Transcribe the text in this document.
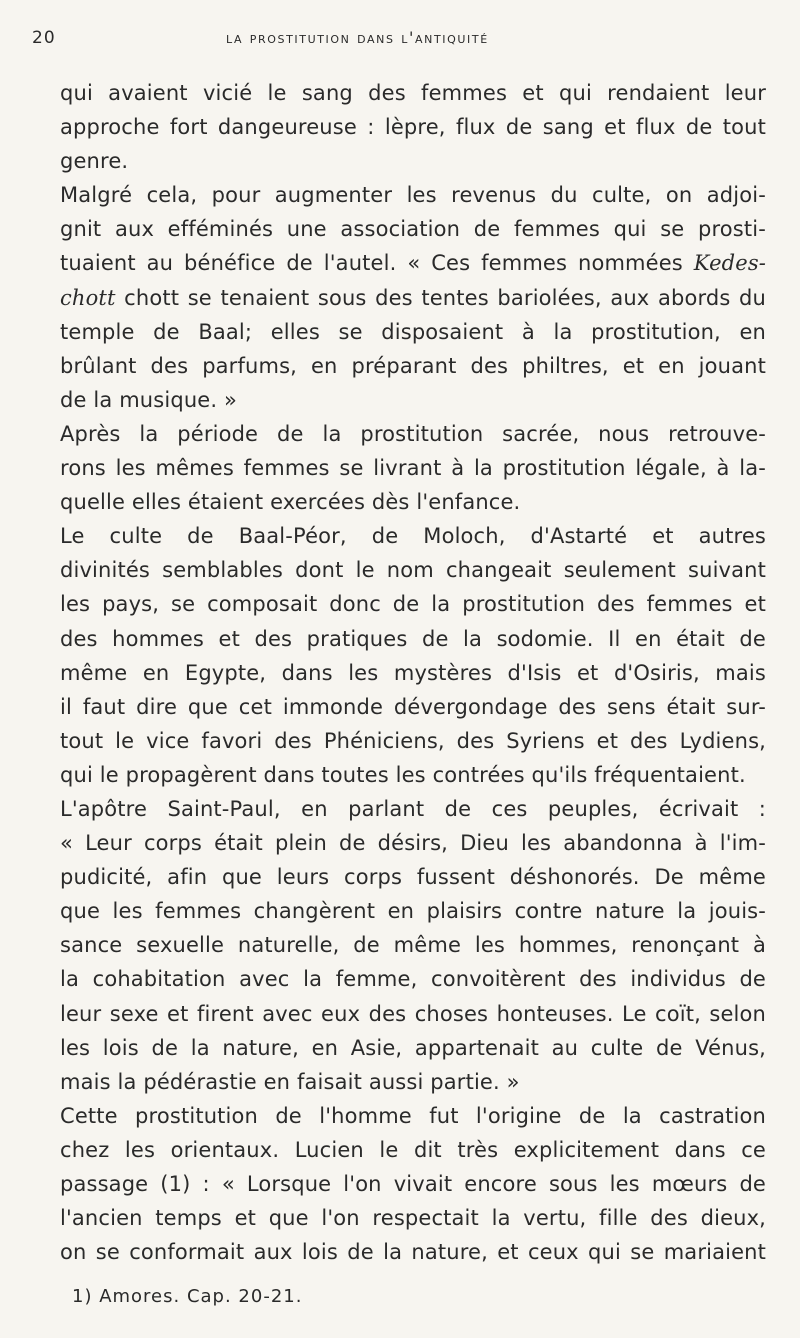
20	la prostitution dans l'antiquité
qui avaient vicié le sang des femmes et qui rendaient leur
approche fort dangeureuse : lèpre, flux de sang et flux de tout
genre.
Malgré cela, pour augmenter les revenus du culte, on adjoi-
gnit aux efféminés une association de femmes qui se prosti-
tuaient au bénéfice de l'autel. « Ces femmes nommées Kedes-
chott chott se tenaient sous des tentes bariolées, aux abords du
temple de Baal; elles se disposaient à la prostitution, en
brûlant des parfums, en préparant des philtres, et en jouant
de la musique. »
Après la période de la prostitution sacrée, nous retrouve-
rons les mêmes femmes se livrant à la prostitution légale, à la-
quelle elles étaient exercées dès l'enfance.
Le culte de Baal-Péor, de Moloch, d'Astarté et autres
divinités semblables dont le nom changeait seulement suivant
les pays, se composait donc de la prostitution des femmes et
des hommes et des pratiques de la sodomie. Il en était de
même en Egypte, dans les mystères d'Isis et d'Osiris, mais
il faut dire que cet immonde dévergondage des sens était sur-
tout le vice favori des Phéniciens, des Syriens et des Lydiens,
qui le propagèrent dans toutes les contrées qu'ils fréquentaient.
L'apôtre Saint-Paul, en parlant de ces peuples, écrivait :
« Leur corps était plein de désirs, Dieu les abandonna à l'im-
pudicité, afin que leurs corps fussent déshonorés. De même
que les femmes changèrent en plaisirs contre nature la jouis-
sance sexuelle naturelle, de même les hommes, renonçant à
la cohabitation avec la femme, convoitèrent des individus de
leur sexe et firent avec eux des choses honteuses. Le coït, selon
les lois de la nature, en Asie, appartenait au culte de Vénus,
mais la pédérastie en faisait aussi partie. »
Cette prostitution de l'homme fut l'origine de la castration
chez les orientaux. Lucien le dit très explicitement dans ce
passage (1) : « Lorsque l'on vivait encore sous les mœurs de
l'ancien temps et que l'on respectait la vertu, fille des dieux,
on se conformait aux lois de la nature, et ceux qui se mariaient
1) Amores. Cap. 20-21.
